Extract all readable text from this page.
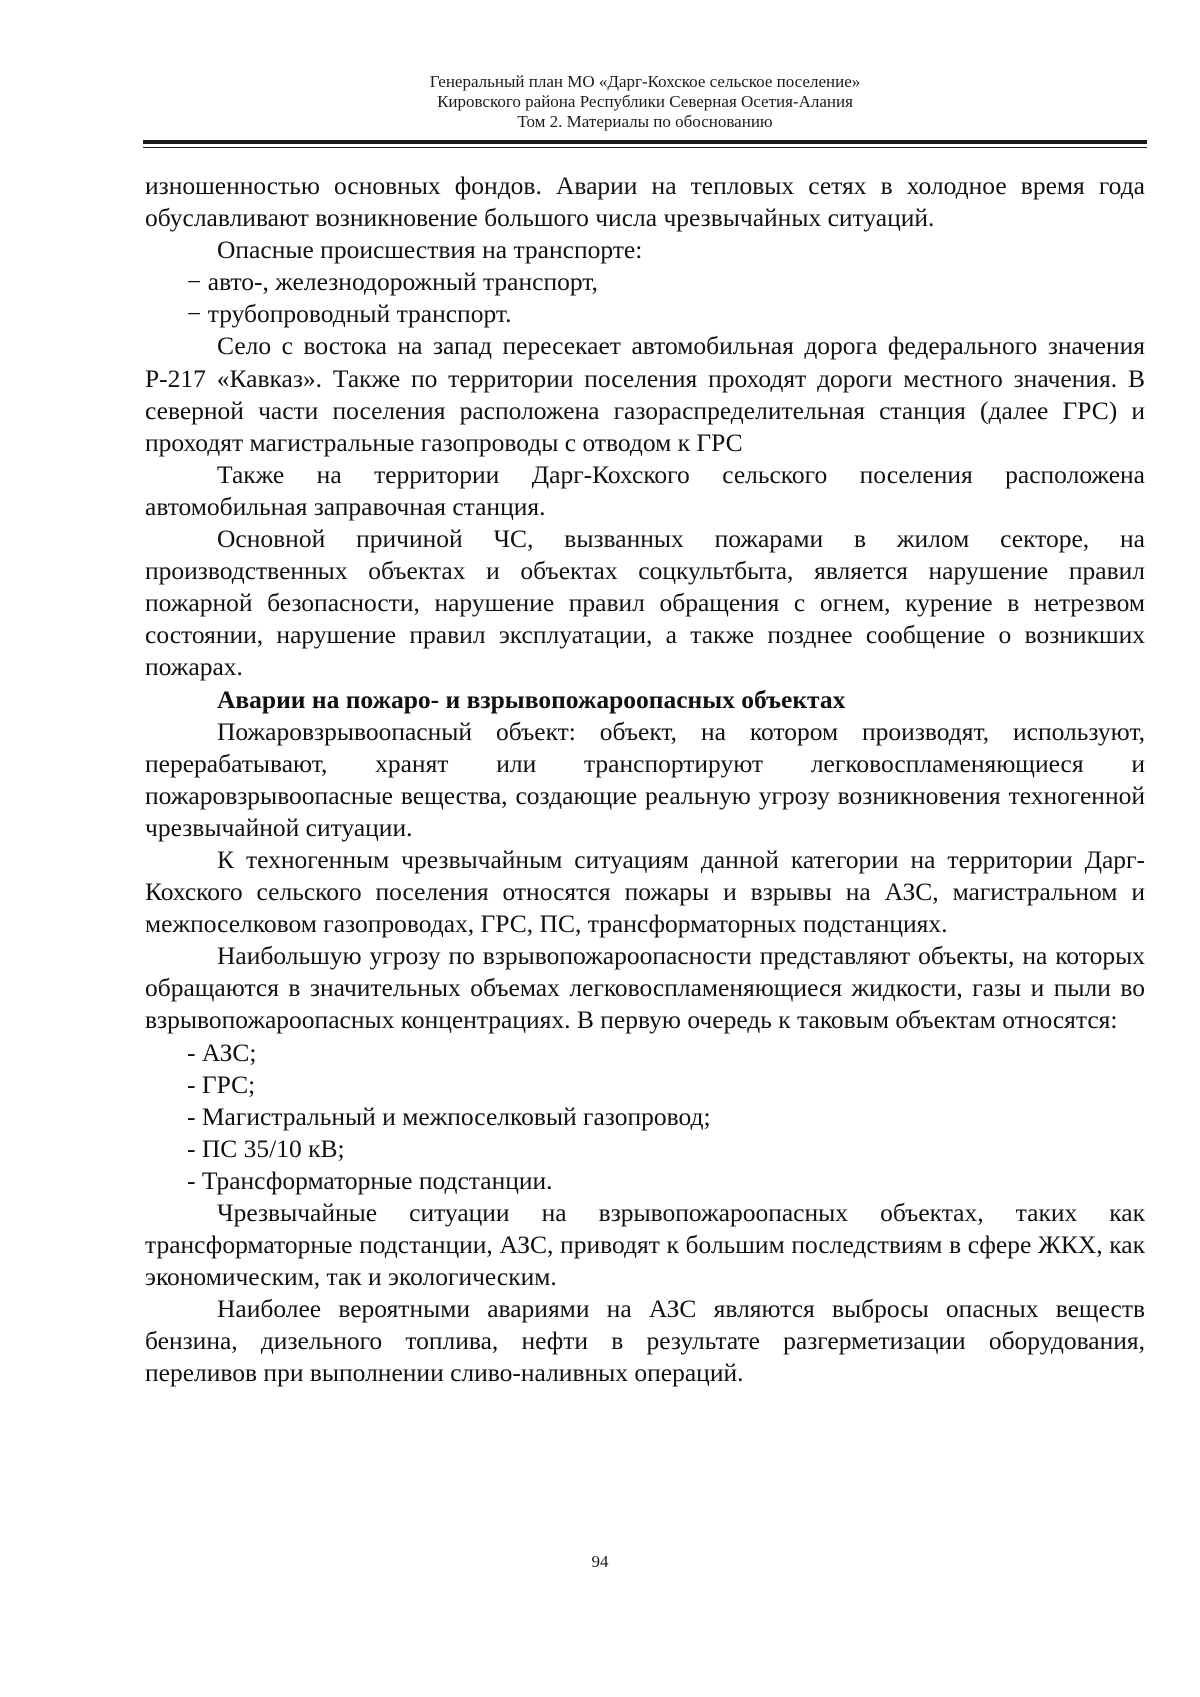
Генеральный план МО «Дарг-Кохское сельское поселение»
Кировского района Республики Северная Осетия-Алания
Том 2. Материалы по обоснованию

изношенностью основных фондов. Аварии на тепловых сетях в холодное время года обуславливают возникновение большого числа чрезвычайных ситуаций.

Опасные происшествия на транспорте:

− авто-, железнодорожный транспорт,

− трубопроводный транспорт.

Село с востока на запад пересекает автомобильная дорога федерального значения Р-217 «Кавказ». Также по территории поселения проходят дороги местного значения. В северной части поселения расположена газораспределительная станция (далее ГРС) и проходят магистральные газопроводы с отводом к ГРС

Также на территории Дарг-Кохского сельского поселения расположена автомобильная заправочная станция.

Основной причиной ЧС, вызванных пожарами в жилом секторе, на производственных объектах и объектах соцкультбыта, является нарушение правил пожарной безопасности, нарушение правил обращения с огнем, курение в нетрезвом состоянии, нарушение правил эксплуатации, а также позднее сообщение о возникших пожарах.

Аварии на пожаро- и взрывопожароопасных объектах

Пожаровзрывоопасный объект: объект, на котором производят, используют, перерабатывают, хранят или транспортируют легковоспламеняющиеся и пожаровзрывоопасные вещества, создающие реальную угрозу возникновения техногенной чрезвычайной ситуации.

К техногенным чрезвычайным ситуациям данной категории на территории Дарг-Кохского сельского поселения относятся пожары и взрывы на АЗС, магистральном и межпоселковом газопроводах, ГРС, ПС, трансформаторных подстанциях.

Наибольшую угрозу по взрывопожароопасности представляют объекты, на которых обращаются в значительных объемах легковоспламеняющиеся жидкости, газы и пыли во взрывопожароопасных концентрациях. В первую очередь к таковым объектам относятся:

- АЗС;

- ГРС;

- Магистральный и межпоселковый газопровод;

- ПС 35/10 кВ;

- Трансформаторные подстанции.

Чрезвычайные ситуации на взрывопожароопасных объектах, таких как трансформаторные подстанции, АЗС, приводят к большим последствиям в сфере ЖКХ, как экономическим, так и экологическим.

Наиболее вероятными авариями на АЗС являются выбросы опасных веществ бензина, дизельного топлива, нефти в результате разгерметизации оборудования, переливов при выполнении сливо-наливных операций.

94
